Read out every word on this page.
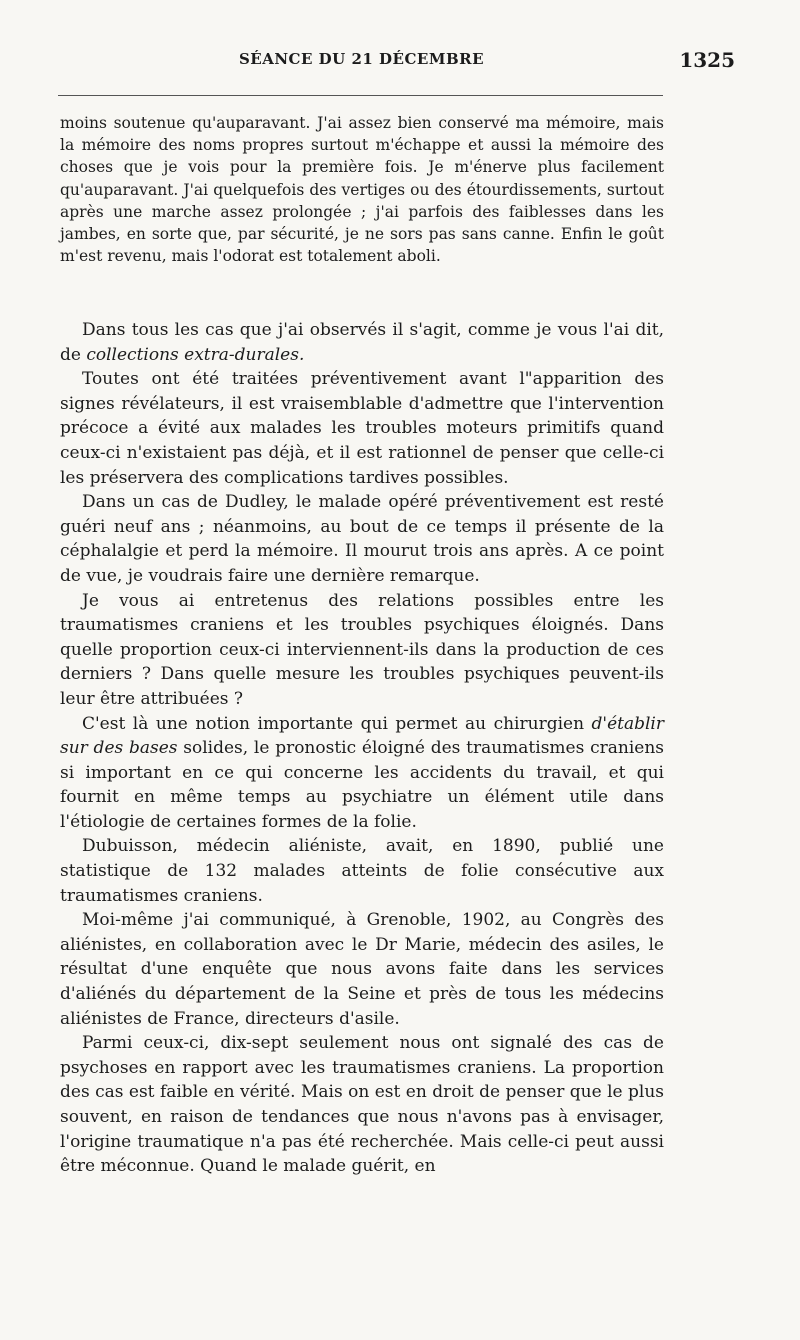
SÉANCE DU 21 DÉCEMBRE	1325

moins soutenue qu'auparavant. J'ai assez bien conservé ma mémoire, mais la mémoire des noms propres surtout m'échappe et aussi la mémoire des choses que je vois pour la première fois. Je m'énerve plus facilement qu'auparavant. J'ai quelquefois des vertiges ou des étourdissements, surtout après une marche assez prolongée ; j'ai parfois des faiblesses dans les jambes, en sorte que, par sécurité, je ne sors pas sans canne. Enfin le goût m'est revenu, mais l'odorat est totalement aboli.

Dans tous les cas que j'ai observés il s'agit, comme je vous l'ai dit, de collections extra-durales.

Toutes ont été traitées préventivement avant l"apparition des signes révélateurs, il est vraisemblable d'admettre que l'intervention précoce a évité aux malades les troubles moteurs primitifs quand ceux-ci n'existaient pas déjà, et il est rationnel de penser que celle-ci les préservera des complications tardives possibles.

Dans un cas de Dudley, le malade opéré préventivement est resté guéri neuf ans ; néanmoins, au bout de ce temps il présente de la céphalalgie et perd la mémoire. Il mourut trois ans après. A ce point de vue, je voudrais faire une dernière remarque.

Je vous ai entretenus des relations possibles entre les traumatismes craniens et les troubles psychiques éloignés. Dans quelle proportion ceux-ci interviennent-ils dans la production de ces derniers ? Dans quelle mesure les troubles psychiques peuvent-ils leur être attribuées ?

C'est là une notion importante qui permet au chirurgien d'établir sur des bases solides, le pronostic éloigné des traumatismes craniens si important en ce qui concerne les accidents du travail, et qui fournit en même temps au psychiatre un élément utile dans l'étiologie de certaines formes de la folie.

Dubuisson, médecin aliéniste, avait, en 1890, publié une statistique de 132 malades atteints de folie consécutive aux traumatismes craniens.

Moi-même j'ai communiqué, à Grenoble, 1902, au Congrès des aliénistes, en collaboration avec le Dr Marie, médecin des asiles, le résultat d'une enquête que nous avons faite dans les services d'aliénés du département de la Seine et près de tous les médecins aliénistes de France, directeurs d'asile.

Parmi ceux-ci, dix-sept seulement nous ont signalé des cas de psychoses en rapport avec les traumatismes craniens. La proportion des cas est faible en vérité. Mais on est en droit de penser que le plus souvent, en raison de tendances que nous n'avons pas à envisager, l'origine traumatique n'a pas été recherchée. Mais celle-ci peut aussi être méconnue. Quand le malade guérit, en
